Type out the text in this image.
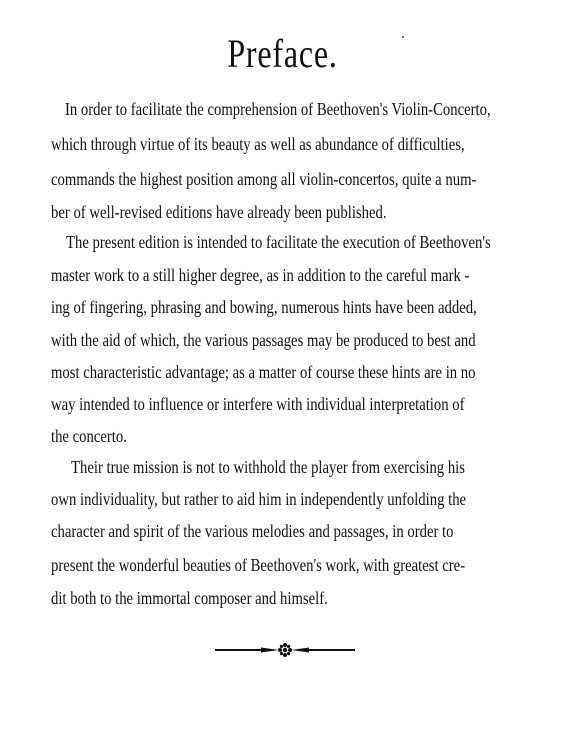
Preface.

In order to facilitate the comprehension of Beethoven's Violin-Concerto,

which through virtue of its beauty as well as abundance of difficulties,

commands the highest position among all violin-concertos, quite a num-

ber of well-revised editions have already been published.

The present edition is intended to facilitate the execution of Beethoven's

master work to a still higher degree, as in addition to the careful mark -

ing of fingering, phrasing and bowing, numerous hints have been added,

with the aid of which, the various passages may be produced to best and

most characteristic advantage; as a matter of course these hints are in no

way intended to influence or interfere with individual interpretation of

the concerto.

Their true mission is not to withhold the player from exercising his

own individuality, but rather to aid him in independently unfolding the

character and spirit of the various melodies and passages, in order to

present the wonderful beauties of Beethoven's work, with greatest cre-

dit both to the immortal composer and himself.
